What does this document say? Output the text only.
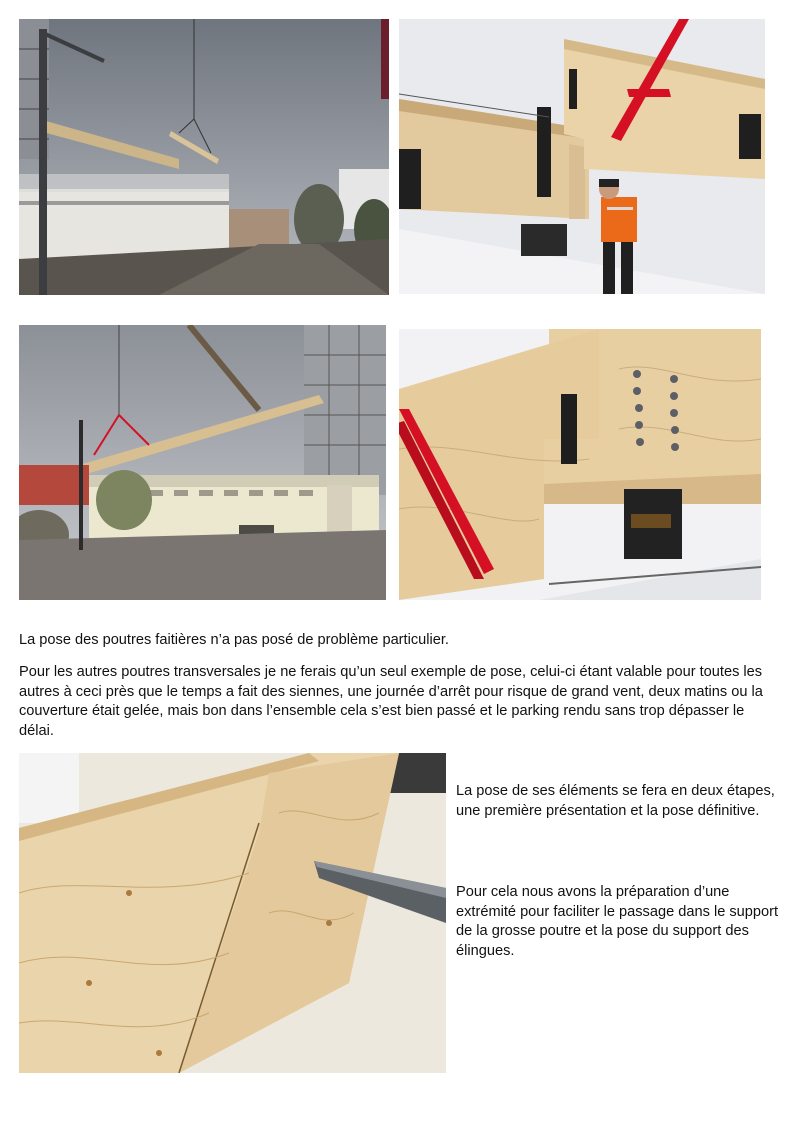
La pose des poutres faitières n’a pas posé de problème particulier.

Pour les autres poutres transversales je ne ferais qu’un seul exemple de pose, celui-ci étant valable pour toutes les autres à ceci près que le temps a fait des siennes, une journée d’arrêt pour risque de grand vent, deux matins ou la couverture était gelée, mais bon dans l’ensemble cela s’est bien passé et le parking rendu sans trop dépasser le délai.

La pose de ses éléments se fera en deux étapes, une première présentation et la pose définitive.

Pour cela nous avons la préparation d’une extrémité pour faciliter le passage dans le support de la grosse poutre et la pose du support des élingues.
